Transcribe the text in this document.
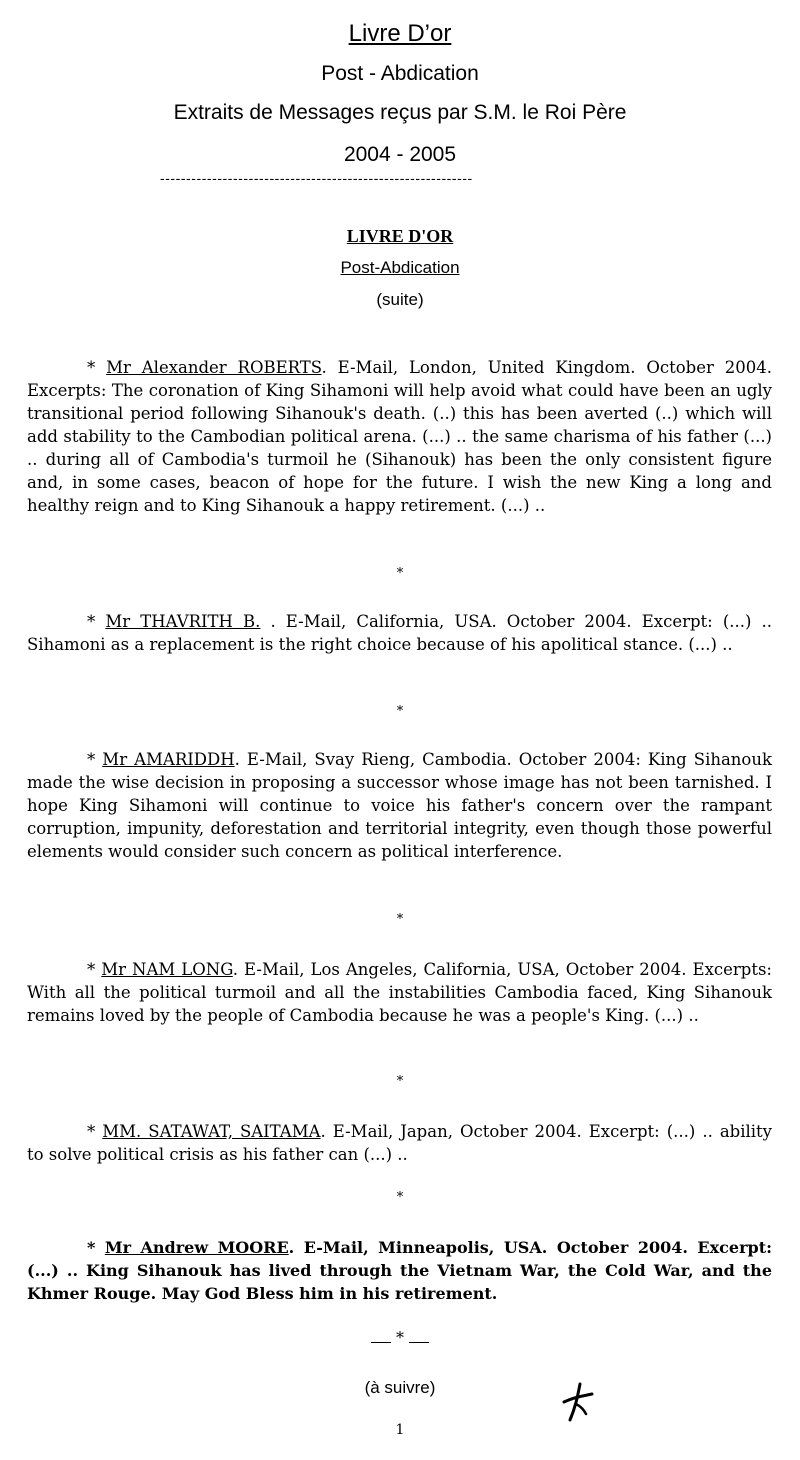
Livre D’or
Post - Abdication
Extraits de Messages reçus par S.M. le Roi Père
2004 - 2005
------------------------------------------------------------
LIVRE D'OR
Post-Abdication
(suite)

* Mr Alexander ROBERTS. E-Mail, London, United Kingdom. October 2004. Excerpts: The coronation of King Sihamoni will help avoid what could have been an ugly transitional period following Sihanouk's death. (..) this has been averted (..) which will add stability to the Cambodian political arena. (...) .. the same charisma of his father (...) .. during all of Cambodia's turmoil he (Sihanouk) has been the only consistent figure and, in some cases, beacon of hope for the future. I wish the new King a long and healthy reign and to King Sihanouk a happy retirement. (...) ..

*

* Mr THAVRITH B. . E-Mail, California, USA. October 2004. Excerpt: (...) .. Sihamoni as a replacement is the right choice because of his apolitical stance. (...) ..

*

* Mr AMARIDDH. E-Mail, Svay Rieng, Cambodia. October 2004: King Sihanouk made the wise decision in proposing a successor whose image has not been tarnished. I hope King Sihamoni will continue to voice his father's concern over the rampant corruption, impunity, deforestation and territorial integrity, even though those powerful elements would consider such concern as political interference.

*

* Mr NAM LONG. E-Mail, Los Angeles, California, USA, October 2004. Excerpts: With all the political turmoil and all the instabilities Cambodia faced, King Sihanouk remains loved by the people of Cambodia because he was a people's King. (...) ..

*

* MM. SATAWAT, SAITAMA. E-Mail, Japan, October 2004. Excerpt: (...) .. ability to solve political crisis as his father can (...) ..

*

* Mr Andrew MOORE. E-Mail, Minneapolis, USA. October 2004. Excerpt: (...) .. King Sihanouk has lived through the Vietnam War, the Cold War, and the Khmer Rouge. May God Bless him in his retirement.

*
(à suivre)
1
